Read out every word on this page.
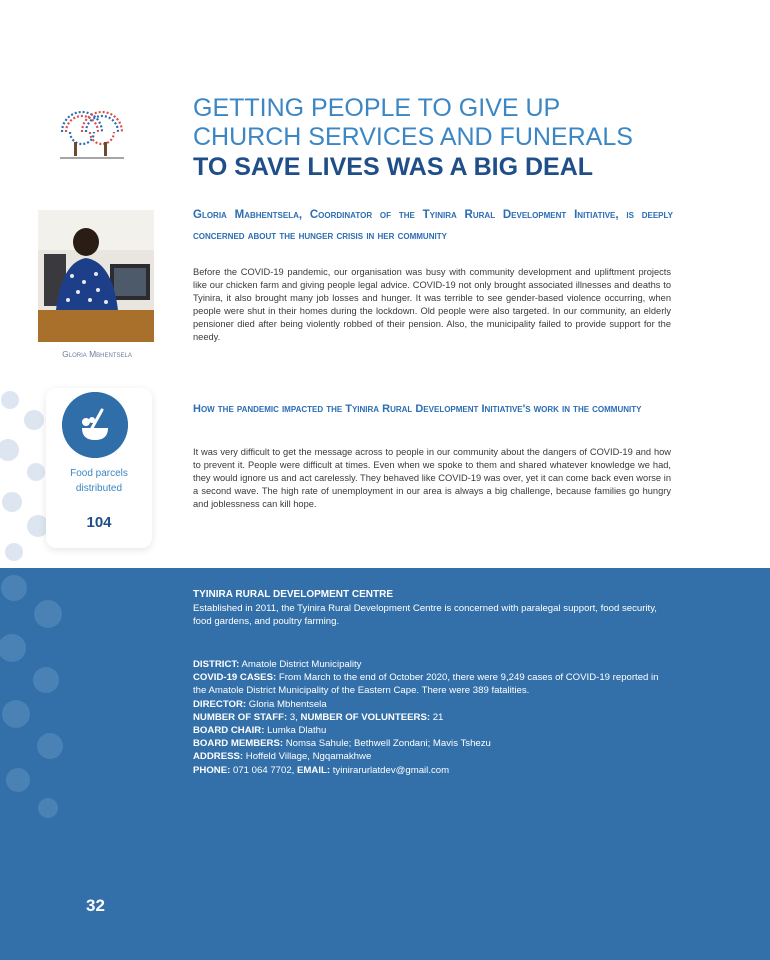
GETTING PEOPLE TO GIVE UP
CHURCH SERVICES AND FUNERALS
TO SAVE LIVES WAS A BIG DEAL
Gloria Mabhentsela, Coordinator of the Tyinira Rural Development Initiative, is deeply concerned about the hunger crisis in her community
Gloria Mbhentsela

Before the COVID-19 pandemic, our organisation was busy with community development and upliftment projects like our chicken farm and giving people legal advice. COVID-19 not only brought associated illnesses and deaths to Tyinira, it also brought many job losses and hunger. It was terrible to see gender-based violence occurring, when people were shut in their homes during the lockdown. Old people were also targeted. In our community, an elderly pensioner died after being violently robbed of their pension. Also, the municipality failed to provide support for the needy.

How the pandemic impacted the Tyinira Rural Development Initiative's work in the community

It was very difficult to get the message across to people in our community about the dangers of COVID-19 and how to prevent it. People were difficult at times. Even when we spoke to them and shared whatever knowledge we had, they would ignore us and act carelessly. They behaved like COVID-19 was over, yet it can come back even worse in a second wave. The high rate of unemployment in our area is always a big challenge, because families go hungry and joblessness can kill hope.

Food parcels distributed
104

TYINIRA RURAL DEVELOPMENT CENTRE

Established in 2011, the Tyinira Rural Development Centre is concerned with paralegal support, food security, food gardens, and poultry farming.

DISTRICT: Amatole District Municipality
COVID-19 CASES: From March to the end of October 2020, there were 9,249 cases of COVID-19 reported in the Amatole District Municipality of the Eastern Cape. There were 389 fatalities.
DIRECTOR: Gloria Mbhentsela
NUMBER OF STAFF: 3, NUMBER OF VOLUNTEERS: 21
BOARD CHAIR: Lumka Dlathu
BOARD MEMBERS: Nomsa Sahule; Bethwell Zondani; Mavis Tshezu
ADDRESS: Hoffeld Village, Ngqamakhwe
PHONE: 071 064 7702, EMAIL: tyinirarurlatdev@gmail.com
32
